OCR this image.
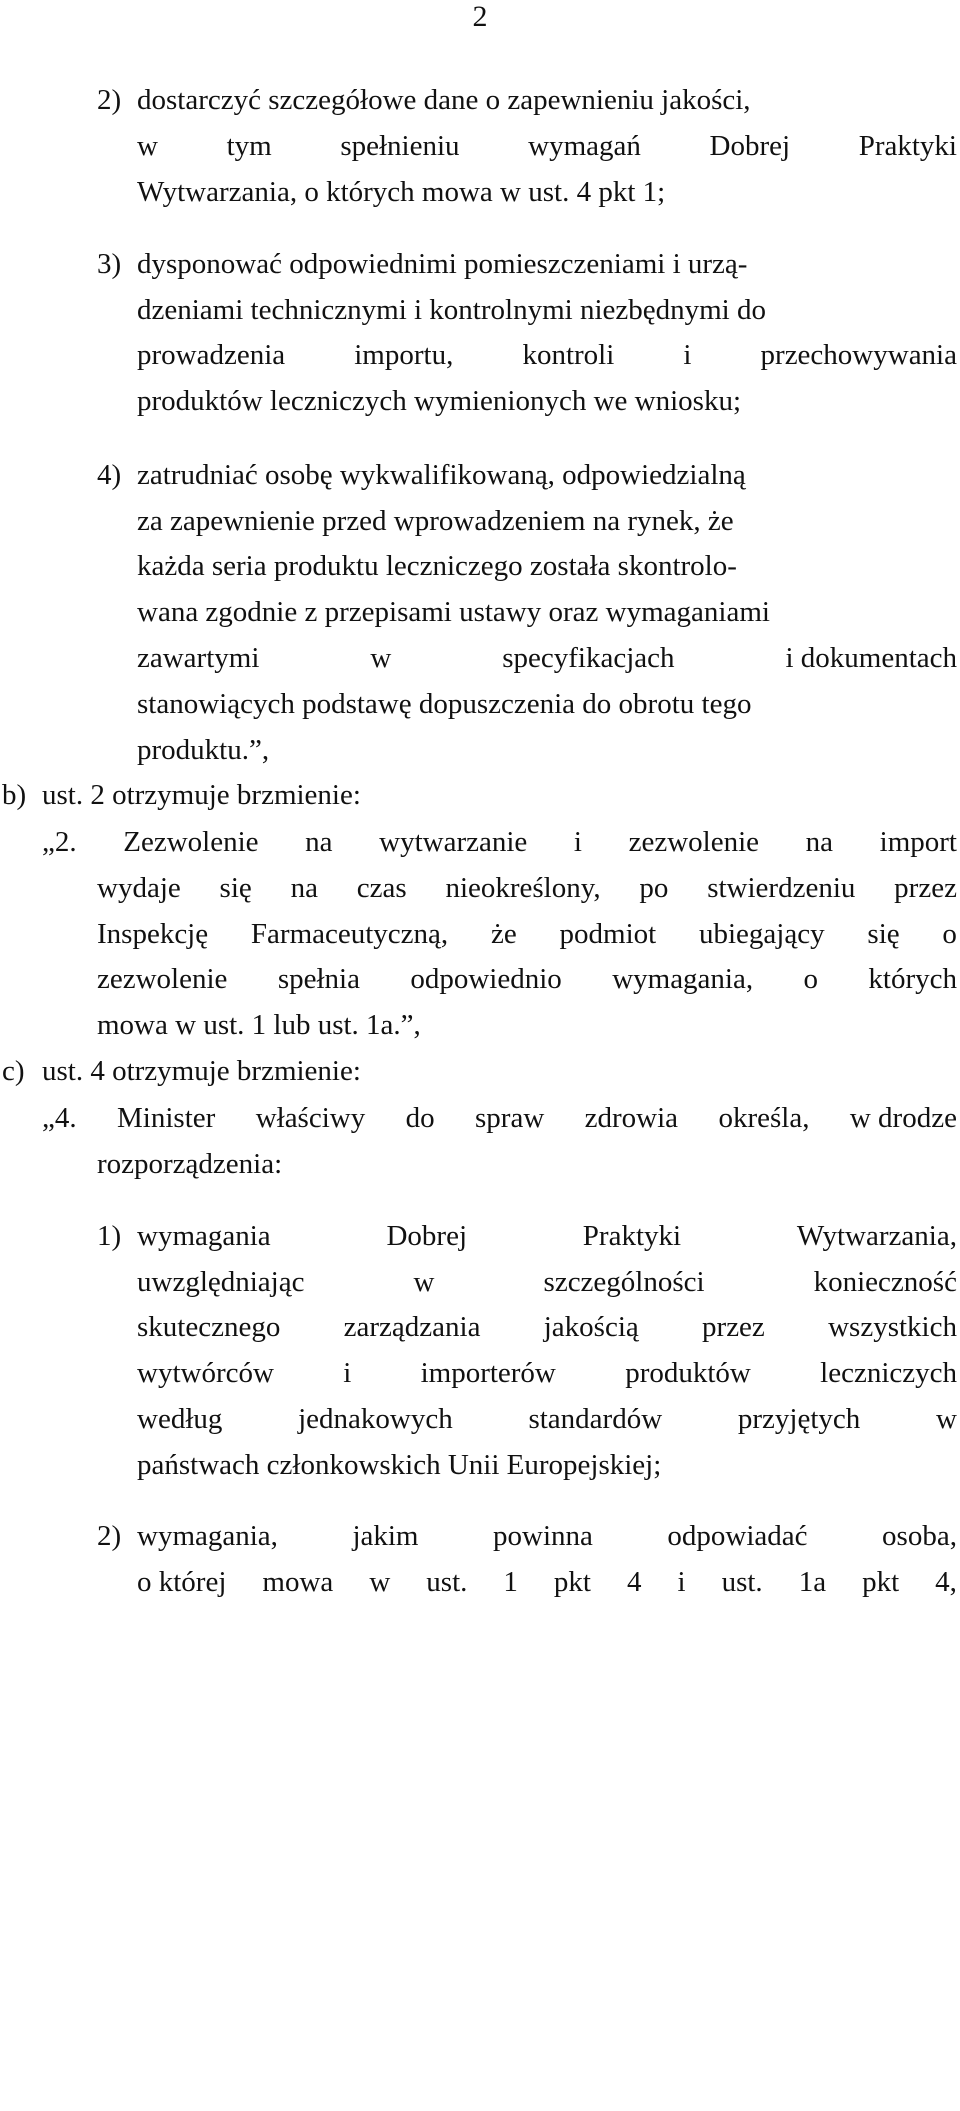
2
2) dostarczyć szczegółowe dane o zapewnieniu jakości,
w tym spełnieniu wymagań Dobrej Praktyki
Wytwarzania, o których mowa w ust. 4 pkt 1;
3) dysponować odpowiednimi pomieszczeniami i urzą-
dzeniami technicznymi i kontrolnymi niezbędnymi do
prowadzenia importu, kontroli i przechowywania
produktów leczniczych wymienionych we wniosku;
4) zatrudniać osobę wykwalifikowaną, odpowiedzialną
za zapewnienie przed wprowadzeniem na rynek, że
każda seria produktu leczniczego została skontrolo-
wana zgodnie z przepisami ustawy oraz wymaganiami
zawartymi	w	specyfikacjach	i dokumentach
stanowiących podstawę dopuszczenia do obrotu tego
produktu.”,
b) ust. 2 otrzymuje brzmienie:
„2. Zezwolenie na wytwarzanie i zezwolenie na import
wydaje się na czas nieokreślony, po stwierdzeniu przez
Inspekcję Farmaceutyczną, że podmiot ubiegający się o
zezwolenie spełnia odpowiednio wymagania, o których
mowa w ust. 1 lub ust. 1a.”,
c) ust. 4 otrzymuje brzmienie:
„4. Minister właściwy do spraw zdrowia określa, w drodze
rozporządzenia:
1) wymagania	Dobrej	Praktyki	Wytwarzania,
uwzględniając	w	szczególności	konieczność
skutecznego zarządzania jakością przez wszystkich
wytwórców i importerów produktów leczniczych
według	jednakowych	standardów	przyjętych	w
państwach członkowskich Unii Europejskiej;
2) wymagania,	jakim	powinna	odpowiadać	osoba,
o której mowa w ust. 1 pkt 4 i ust. 1a pkt 4,
